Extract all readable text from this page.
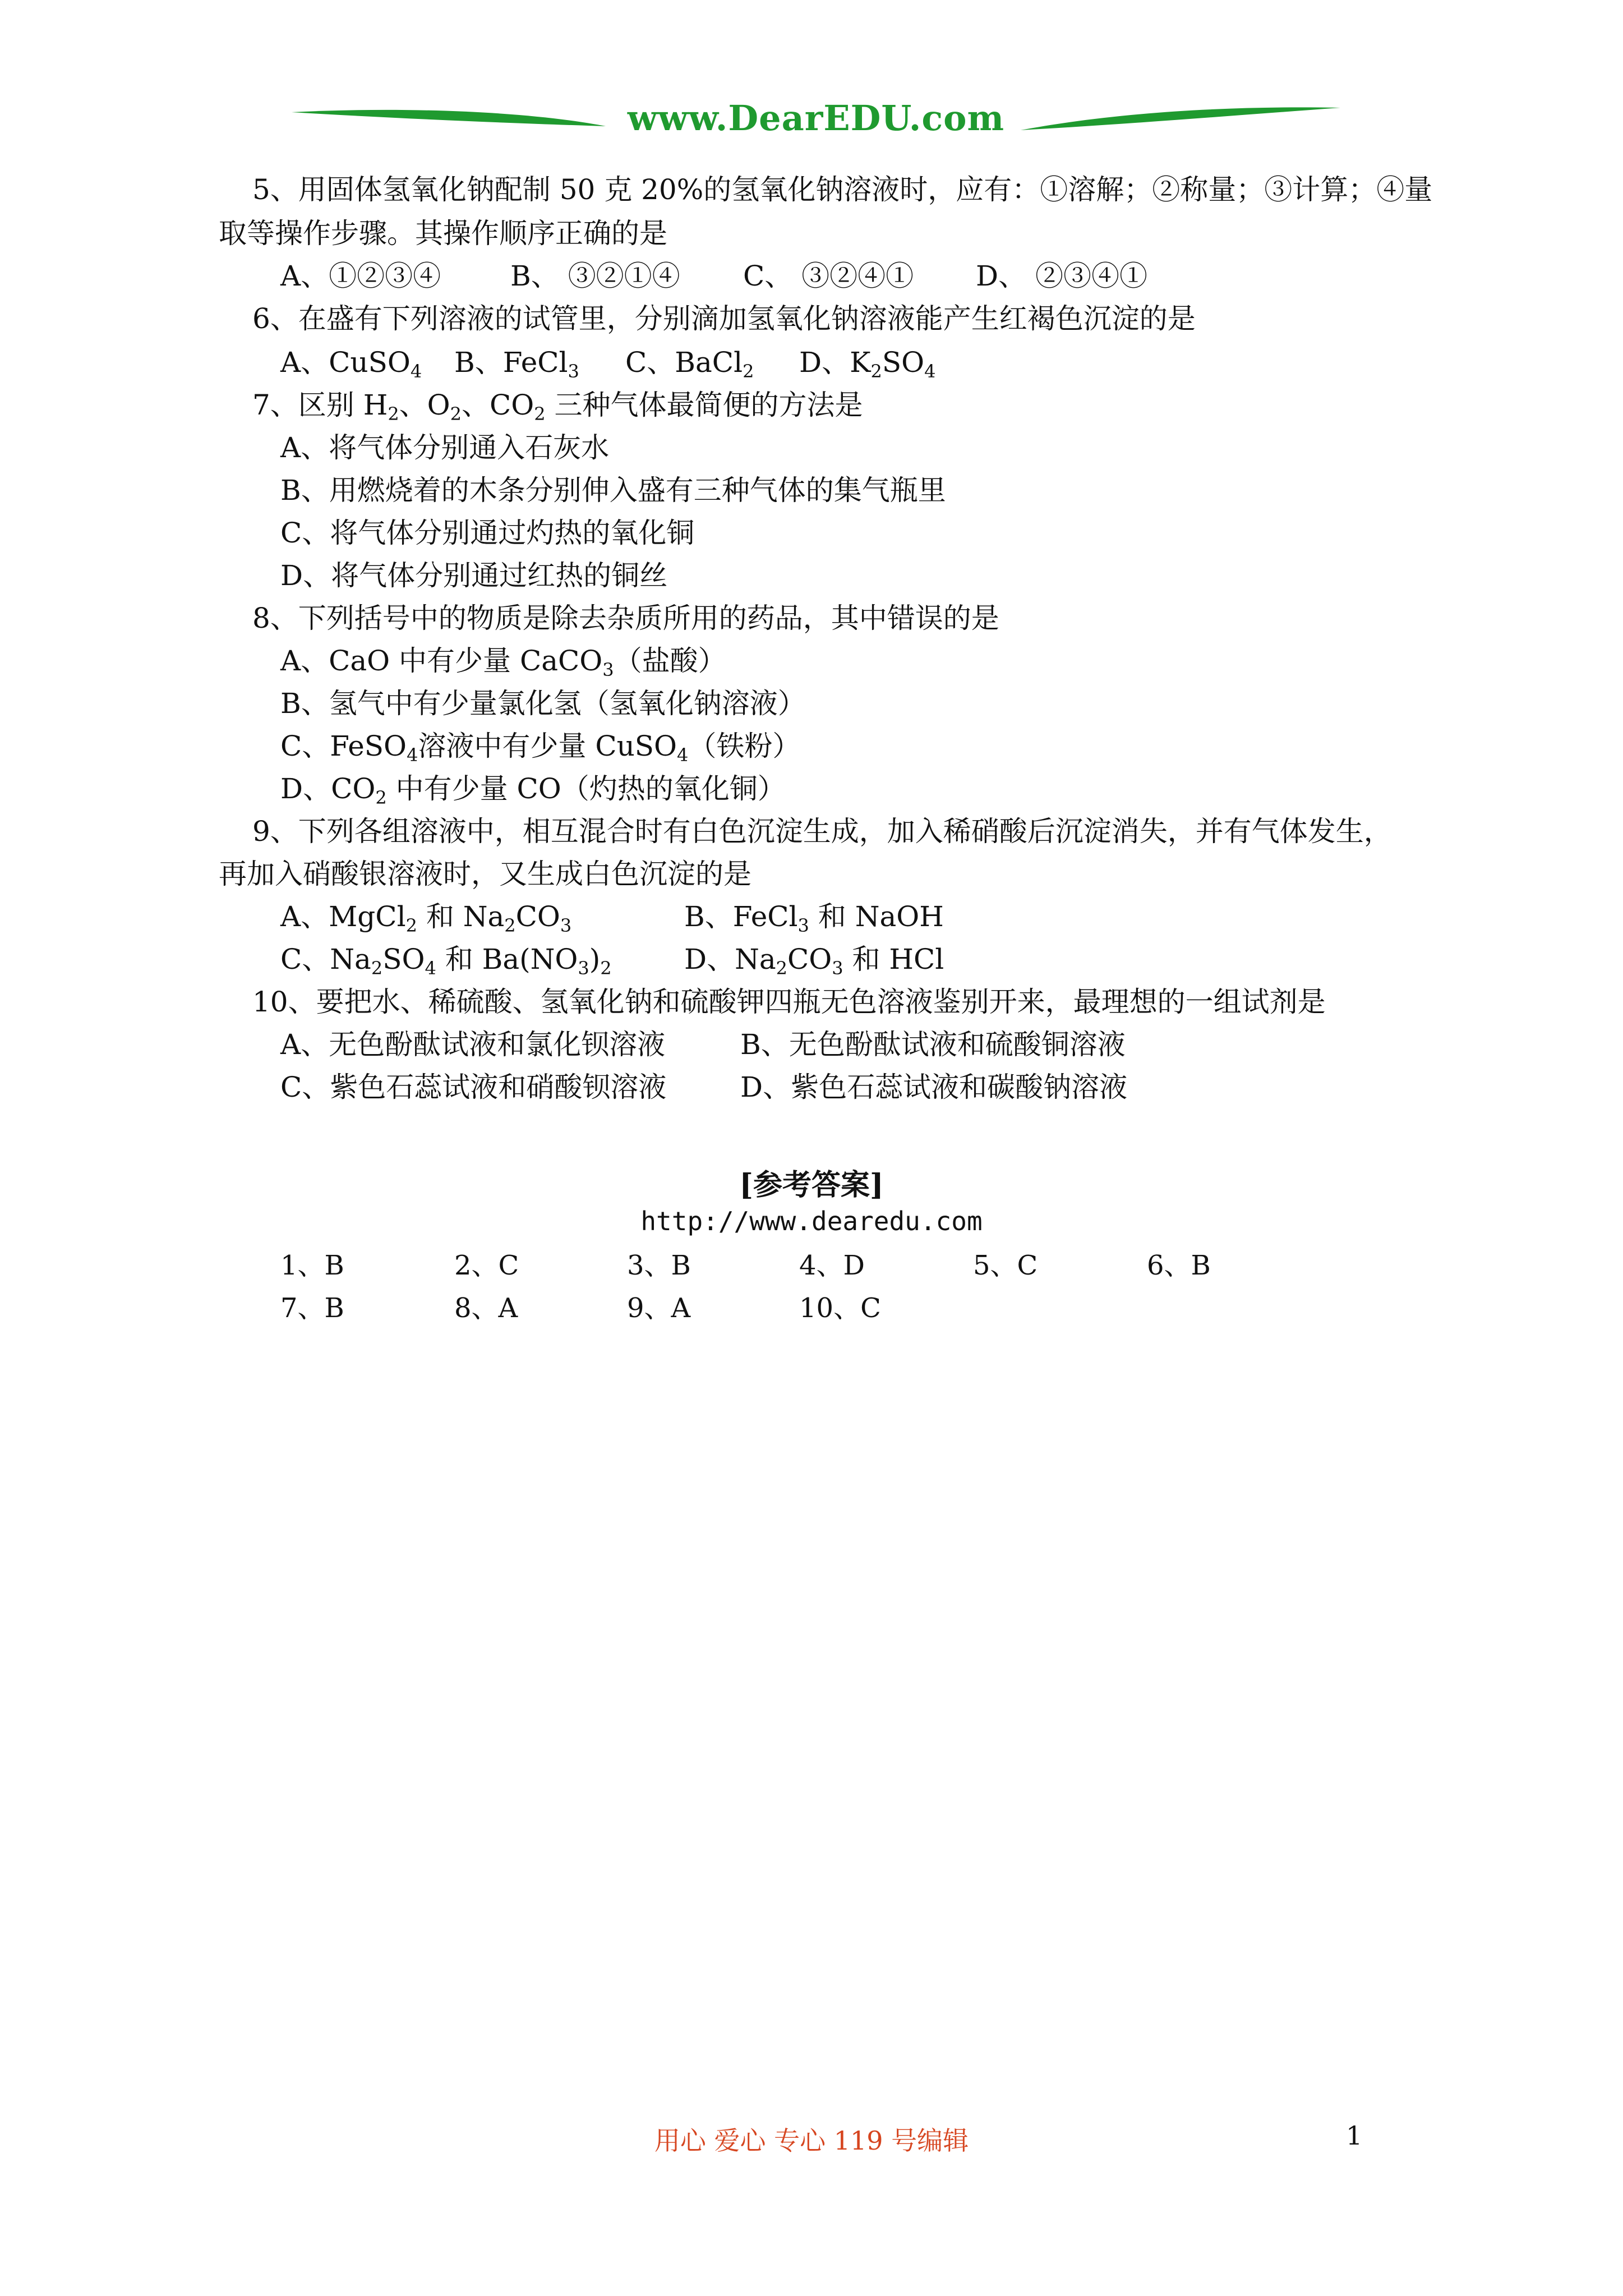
www.DearEDU.com
5、用固体氢氧化钠配制 50 克 20%的氢氧化钠溶液时，应有：①溶解；②称量；③计算；④量
取等操作步骤。其操作顺序正确的是
A、①②③④ B、 ③②①④ C、 ③②④① D、 ②③④①
6、在盛有下列溶液的试管里，分别滴加氢氧化钠溶液能产生红褐色沉淀的是
A、CuSO$_4$ B、FeCl$_3$ C、BaCl$_2$ D、$K_2SO_4$
7、区别 $H_2$、$O_2$、$CO_2$ 三种气体最简便的方法是
A、将气体分别通入石灰水
B、用燃烧着的木条分别伸入盛有三种气体的集气瓶里
C、将气体分别通过灼热的氧化铜
D、将气体分别通过红热的铜丝
8、下列括号中的物质是除去杂质所用的药品，其中错误的是
A、CaO 中有少量 CaCO$_3$（盐酸）
B、氢气中有少量氯化氢（氢氧化钠溶液）
C、FeSO$_4$溶液中有少量 CuSO$_4$（铁粉）
D、$CO_2$ 中有少量 CO（灼热的氧化铜）
9、下列各组溶液中，相互混合时有白色沉淀生成，加入稀硝酸后沉淀消失，并有气体发生，
再加入硝酸银溶液时，又生成白色沉淀的是
A、MgCl$_2$ 和 $Na_2CO_3$	B、FeCl$_3$ 和 NaOH
C、$Na_2SO_4$ 和 $Ba(NO_3)_2$	D、$Na_2CO_3$ 和 HCl
10、要把水、稀硫酸、氢氧化钠和硫酸钾四瓶无色溶液鉴别开来，最理想的一组试剂是
A、无色酚酞试液和氯化钡溶液	B、无色酚酞试液和硫酸铜溶液
C、紫色石蕊试液和硝酸钡溶液	D、紫色石蕊试液和碳酸钠溶液
[参考答案]
http://www.dearedu.com
1、B	2、C	3、B	4、D	5、C	6、B
7、B	8、A	9、A	10、C
用心 爱心 专心 119 号编辑	1
